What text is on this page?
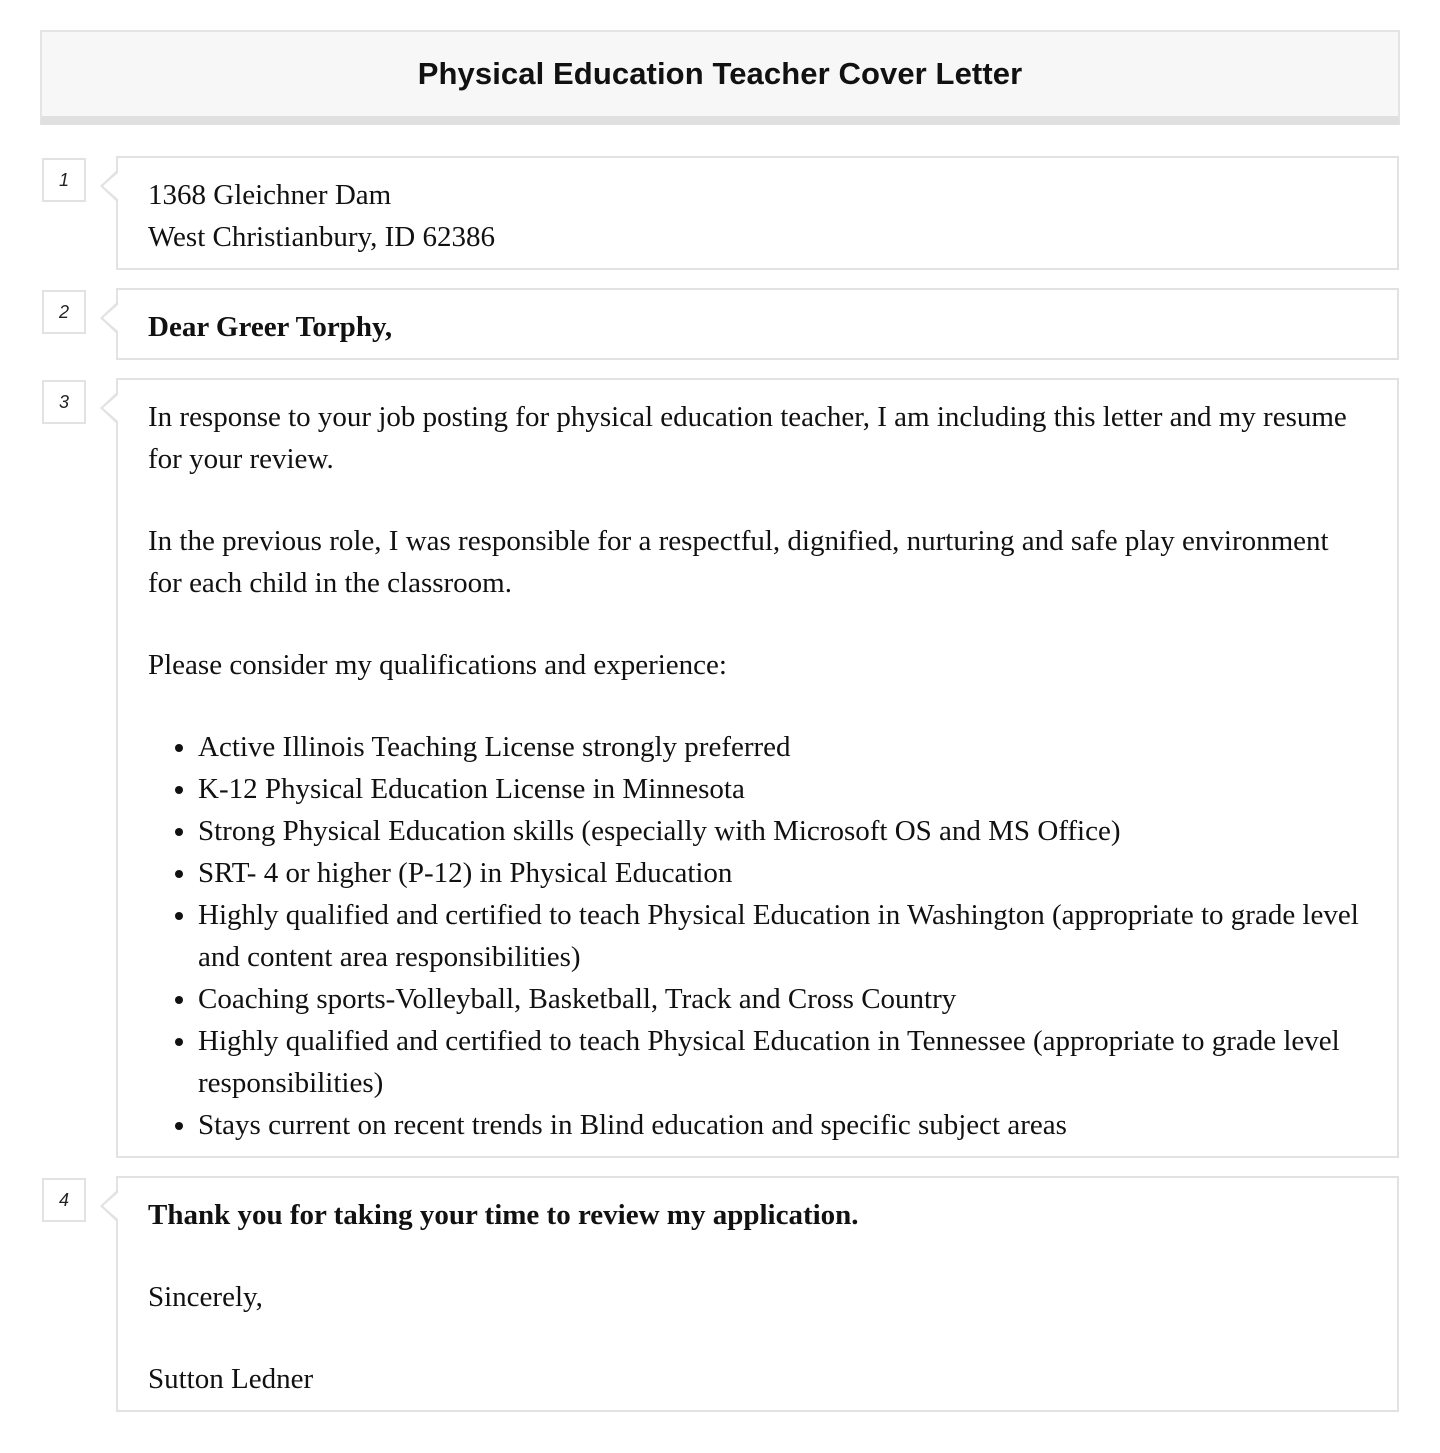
Physical Education Teacher Cover Letter
1	1368 Gleichner Dam

West Christianbury, ID 62386

2	Dear Greer Torphy,

3	In response to your job posting for physical education teacher, I am including this letter and my resume for your review.

In the previous role, I was responsible for a respectful, dignified, nurturing and safe play environment for each child in the classroom.

Please consider my qualifications and experience:

• Active Illinois Teaching License strongly preferred
• K-12 Physical Education License in Minnesota
• Strong Physical Education skills (especially with Microsoft OS and MS Office)
• SRT- 4 or higher (P-12) in Physical Education
• Highly qualified and certified to teach Physical Education in Washington (appropriate to grade level and content area responsibilities)
• Coaching sports-Volleyball, Basketball, Track and Cross Country
• Highly qualified and certified to teach Physical Education in Tennessee (appropriate to grade level responsibilities)
• Stays current on recent trends in Blind education and specific subject areas
4	Thank you for taking your time to review my application.

Sincerely,

Sutton Ledner
